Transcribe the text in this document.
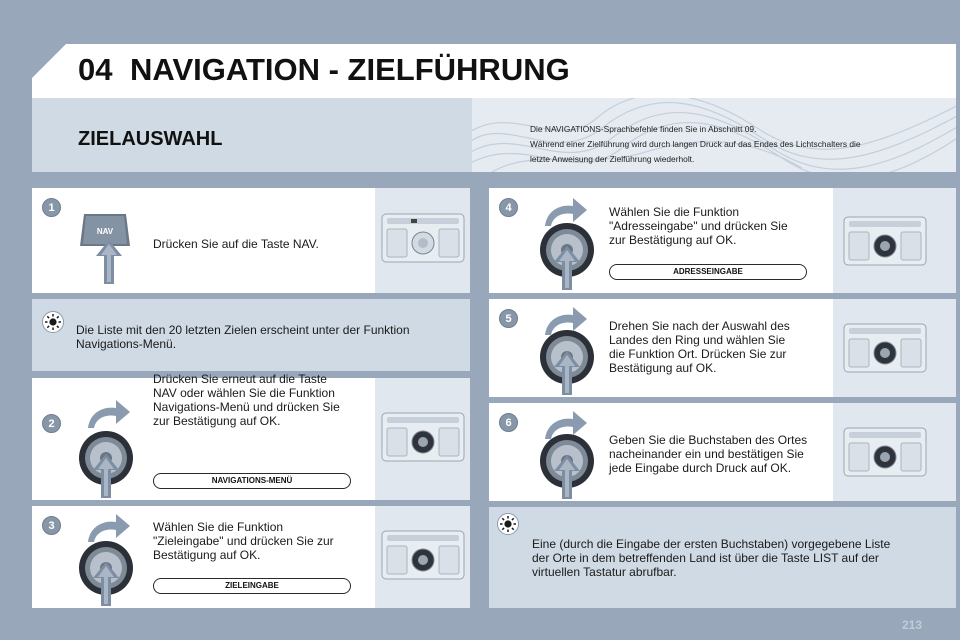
04 NAVIGATION - ZIELFÜHRUNG
ZIELAUSWAHL	Die NAVIGATIONS-Sprachbefehle finden Sie in Abschnitt 09.
Während einer Zielführung wird durch langen Druck auf das Endes des Lichtschalters die
letzte Anweisung der Zielführung wiederholt.
1
NAV
Drücken Sie auf die Taste NAV.
Die Liste mit den 20 letzten Zielen erscheint unter der Funktion
Navigations-Menü.
2
Drücken Sie erneut auf die Taste
NAV oder wählen Sie die Funktion
Navigations-Menü und drücken Sie
zur Bestätigung auf OK.
NAVIGATIONS-MENÜ
3	Wählen Sie die Funktion
"Zieleingabe" und drücken Sie zur
Bestätigung auf OK.
ZIELEINGABE
4	Wählen Sie die Funktion
"Adresseingabe" und drücken Sie
zur Bestätigung auf OK.
ADRESSEINGABE
5	Drehen Sie nach der Auswahl des
Landes den Ring und wählen Sie
die Funktion Ort. Drücken Sie zur
Bestätigung auf OK.
6
Geben Sie die Buchstaben des Ortes
nacheinander ein und bestätigen Sie
jede Eingabe durch Druck auf OK.
Eine (durch die Eingabe der ersten Buchstaben) vorgegebene Liste
der Orte in dem betreffenden Land ist über die Taste LIST auf der
virtuellen Tastatur abrufbar.
213
